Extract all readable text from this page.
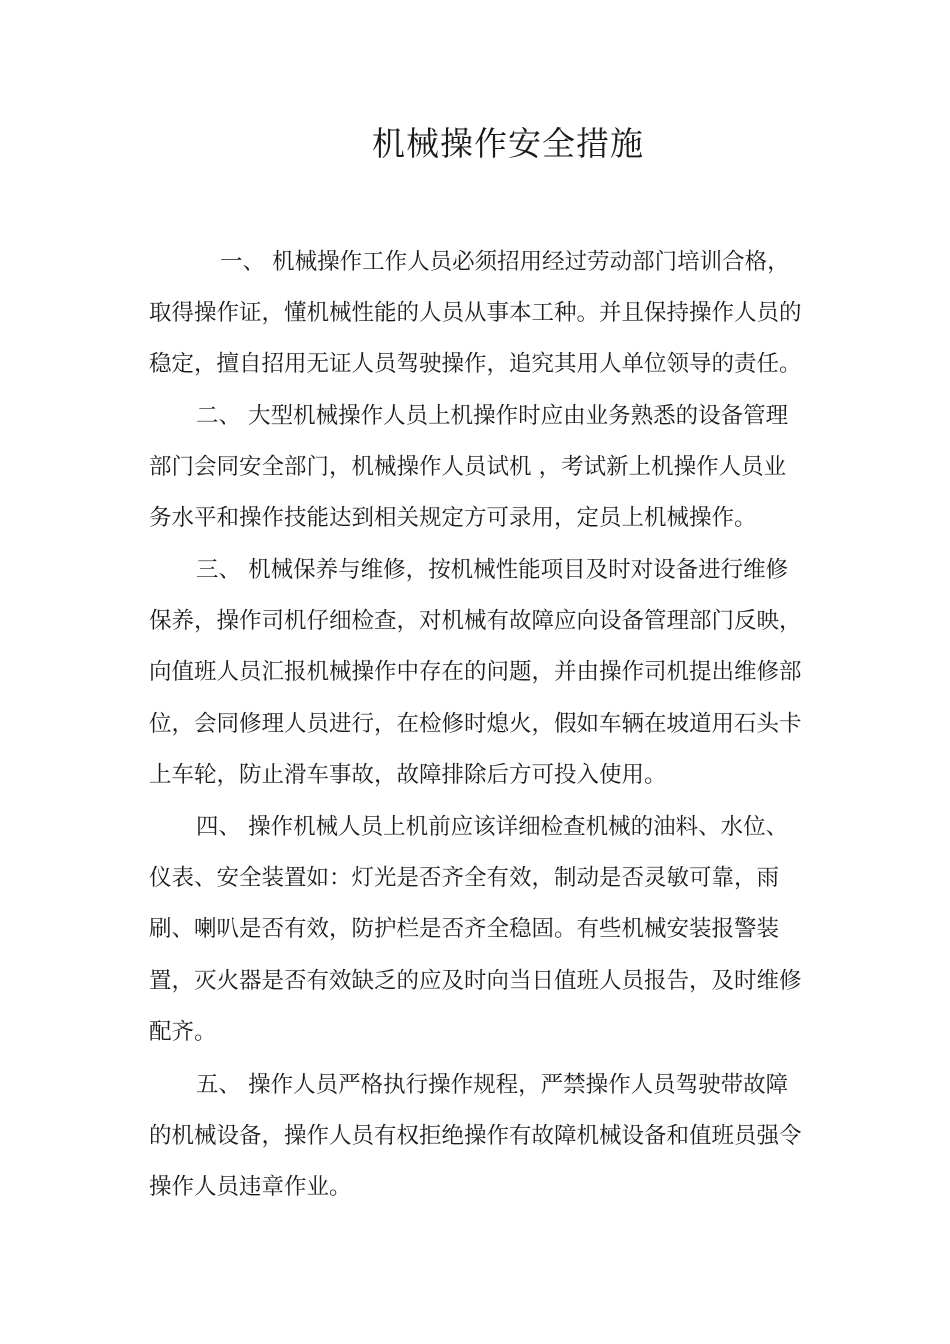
机械操作安全措施
一、 机械操作工作人员必须招用经过劳动部门培训合格，
取得操作证，懂机械性能的人员从事本工种。并且保持操作人员的
稳定，擅自招用无证人员驾驶操作，追究其用人单位领导的责任。
二、 大型机械操作人员上机操作时应由业务熟悉的设备管理
部门会同安全部门，机械操作人员试机 ，考试新上机操作人员业
务水平和操作技能达到相关规定方可录用，定员上机械操作。
三、 机械保养与维修，按机械性能项目及时对设备进行维修
保养，操作司机仔细检查，对机械有故障应向设备管理部门反映，
向值班人员汇报机械操作中存在的问题，并由操作司机提出维修部
位，会同修理人员进行，在检修时熄火，假如车辆在坡道用石头卡
上车轮，防止滑车事故，故障排除后方可投入使用。
四、 操作机械人员上机前应该详细检查机械的油料、水位、
仪表、安全装置如：灯光是否齐全有效，制动是否灵敏可靠，雨
刷、喇叭是否有效，防护栏是否齐全稳固。有些机械安装报警装
置，灭火器是否有效缺乏的应及时向当日值班人员报告，及时维修
配齐。
五、 操作人员严格执行操作规程，严禁操作人员驾驶带故障
的机械设备，操作人员有权拒绝操作有故障机械设备和值班员强令
操作人员违章作业。
